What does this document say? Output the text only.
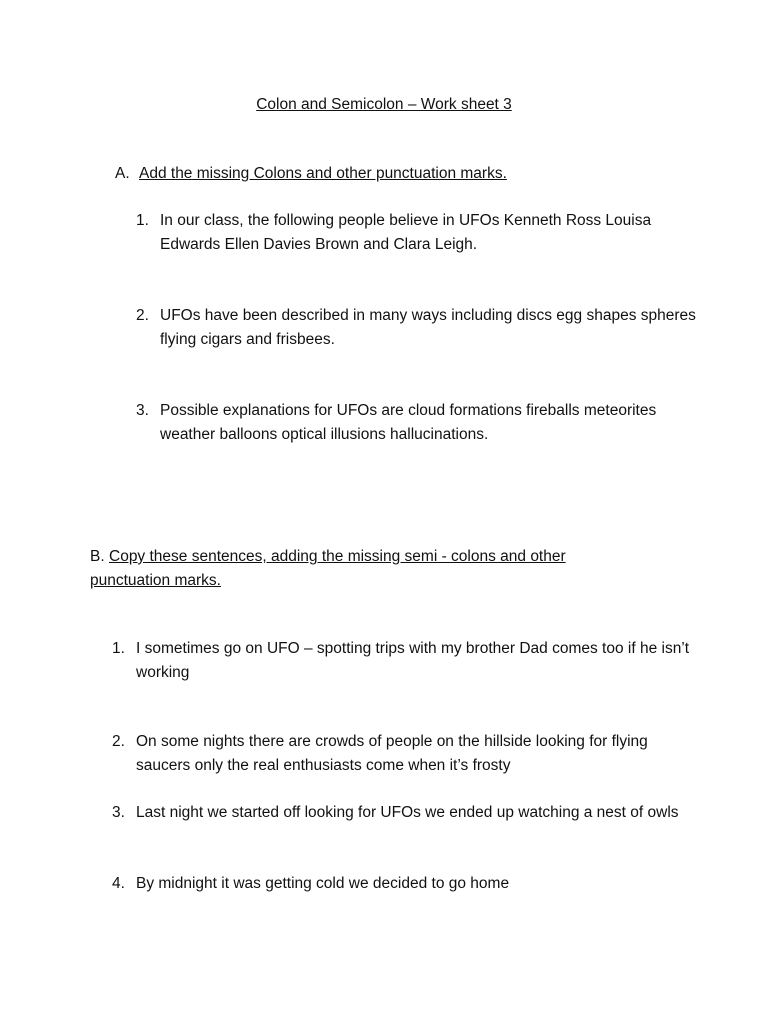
Colon and Semicolon – Work sheet 3
A. Add the missing Colons and other punctuation marks.
1. In our class, the following people believe in UFOs Kenneth Ross Louisa Edwards Ellen Davies Brown and Clara Leigh.
2. UFOs have been described in many ways including discs egg shapes spheres flying cigars and frisbees.
3. Possible explanations for UFOs are cloud formations fireballs meteorites weather balloons optical illusions hallucinations.
B. Copy these sentences, adding the missing semi - colons and other punctuation marks.
1. I sometimes go on UFO – spotting trips with my brother Dad comes too if he isn’t working
2. On some nights there are crowds of people on the hillside looking for flying saucers only the real enthusiasts come when it’s frosty
3. Last night we started off looking for UFOs we ended up watching a nest of owls
4. By midnight it was getting cold we decided to go home
